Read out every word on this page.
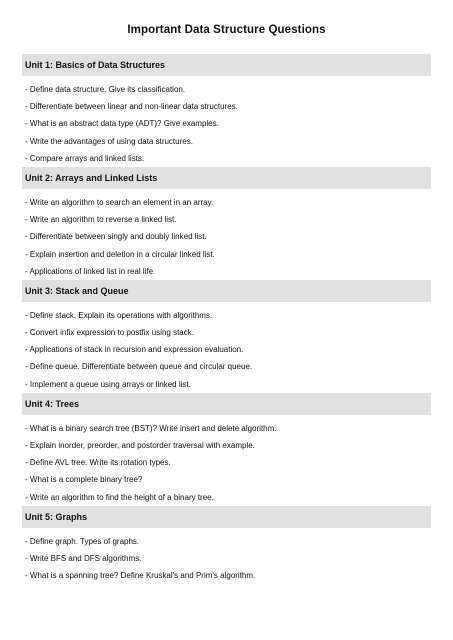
Important Data Structure Questions
Unit 1: Basics of Data Structures
- Define data structure. Give its classification.
- Differentiate between linear and non-linear data structures.
- What is an abstract data type (ADT)? Give examples.
- Write the advantages of using data structures.
- Compare arrays and linked lists.
Unit 2: Arrays and Linked Lists
- Write an algorithm to search an element in an array.
- Write an algorithm to reverse a linked list.
- Differentiate between singly and doubly linked list.
- Explain insertion and deletion in a circular linked list.
- Applications of linked list in real life.
Unit 3: Stack and Queue
- Define stack. Explain its operations with algorithms.
- Convert infix expression to postfix using stack.
- Applications of stack in recursion and expression evaluation.
- Define queue. Differentiate between queue and circular queue.
- Implement a queue using arrays or linked list.
Unit 4: Trees
- What is a binary search tree (BST)? Write insert and delete algorithm.
- Explain inorder, preorder, and postorder traversal with example.
- Define AVL tree. Write its rotation types.
- What is a complete binary tree?
- Write an algorithm to find the height of a binary tree.
Unit 5: Graphs
- Define graph. Types of graphs.
- Write BFS and DFS algorithms.
- What is a spanning tree? Define Kruskal's and Prim's algorithm.
